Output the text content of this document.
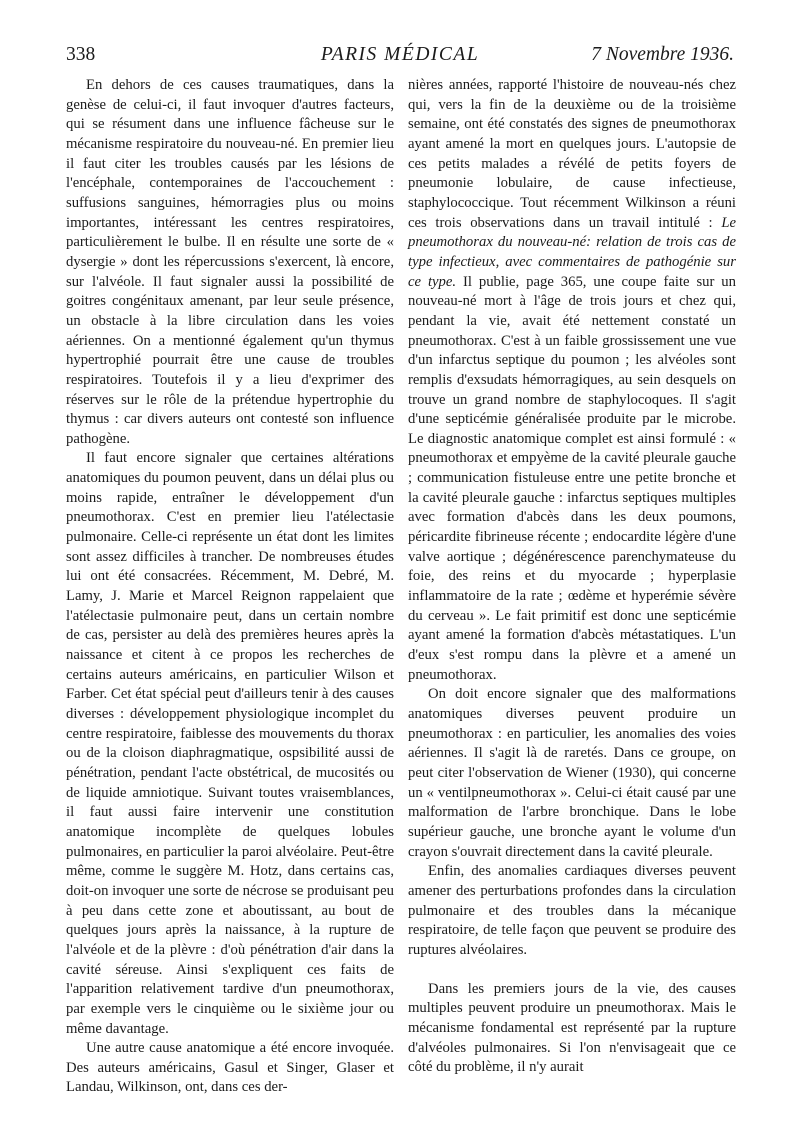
338	PARIS MÉDICAL	7 Novembre 1936.

En dehors de ces causes traumatiques, dans la genèse de celui-ci, il faut invoquer d'autres facteurs, qui se résument dans une influence fâcheuse sur le mécanisme respiratoire du nouveau-né. En premier lieu il faut citer les troubles causés par les lésions de l'encéphale, contemporaines de l'accouchement : suffusions sanguines, hémorragies plus ou moins importantes, intéressant les centres respiratoires, particulièrement le bulbe. Il en résulte une sorte de « dysergie » dont les répercussions s'exercent, là encore, sur l'alvéole. Il faut signaler aussi la possibilité de goitres congénitaux amenant, par leur seule présence, un obstacle à la libre circulation dans les voies aériennes. On a mentionné également qu'un thymus hypertrophié pourrait être une cause de troubles respiratoires. Toutefois il y a lieu d'exprimer des réserves sur le rôle de la prétendue hypertrophie du thymus : car divers auteurs ont contesté son influence pathogène.

Il faut encore signaler que certaines altérations anatomiques du poumon peuvent, dans un délai plus ou moins rapide, entraîner le développement d'un pneumothorax. C'est en premier lieu l'atélectasie pulmonaire. Celle-ci représente un état dont les limites sont assez difficiles à trancher. De nombreuses études lui ont été consacrées. Récemment, M. Debré, M. Lamy, J. Marie et Marcel Reignon rappelaient que l'atélectasie pulmonaire peut, dans un certain nombre de cas, persister au delà des premières heures après la naissance et citent à ce propos les recherches de certains auteurs américains, en particulier Wilson et Farber. Cet état spécial peut d'ailleurs tenir à des causes diverses : développement physiologique incomplet du centre respiratoire, faiblesse des mouvements du thorax ou de la cloison diaphragmatique, ospsibilité aussi de pénétration, pendant l'acte obstétrical, de mucosités ou de liquide amniotique. Suivant toutes vraisemblances, il faut aussi faire intervenir une constitution anatomique incomplète de quelques lobules pulmonaires, en particulier la paroi alvéolaire. Peut-être même, comme le suggère M. Hotz, dans certains cas, doit-on invoquer une sorte de nécrose se produisant peu à peu dans cette zone et aboutissant, au bout de quelques jours après la naissance, à la rupture de l'alvéole et de la plèvre : d'où pénétration d'air dans la cavité séreuse. Ainsi s'expliquent ces faits de l'apparition relativement tardive d'un pneumothorax, par exemple vers le cinquième ou le sixième jour ou même davantage.

Une autre cause anatomique a été encore invoquée. Des auteurs américains, Gasul et Singer, Glaser et Landau, Wilkinson, ont, dans ces der-

nières années, rapporté l'histoire de nouveau-nés chez qui, vers la fin de la deuxième ou de la troisième semaine, ont été constatés des signes de pneumothorax ayant amené la mort en quelques jours. L'autopsie de ces petits malades a révélé de petits foyers de pneumonie lobulaire, de cause infectieuse, staphylococcique. Tout récemment Wilkinson a réuni ces trois observations dans un travail intitulé : Le pneumothorax du nouveau-né: relation de trois cas de type infectieux, avec commentaires de pathogénie sur ce type. Il publie, page 365, une coupe faite sur un nouveau-né mort à l'âge de trois jours et chez qui, pendant la vie, avait été nettement constaté un pneumothorax. C'est à un faible grossissement une vue d'un infarctus septique du poumon ; les alvéoles sont remplis d'exsudats hémorragiques, au sein desquels on trouve un grand nombre de staphylocoques. Il s'agit d'une septicémie généralisée produite par le microbe. Le diagnostic anatomique complet est ainsi formulé : « pneumothorax et empyème de la cavité pleurale gauche ; communication fistuleuse entre une petite bronche et la cavité pleurale gauche : infarctus septiques multiples avec formation d'abcès dans les deux poumons, péricardite fibrineuse récente ; endocardite légère d'une valve aortique ; dégénérescence parenchymateuse du foie, des reins et du myocarde ; hyperplasie inflammatoire de la rate ; œdème et hyperémie sévère du cerveau ». Le fait primitif est donc une septicémie ayant amené la formation d'abcès métastatiques. L'un d'eux s'est rompu dans la plèvre et a amené un pneumothorax.

On doit encore signaler que des malformations anatomiques diverses peuvent produire un pneumothorax : en particulier, les anomalies des voies aériennes. Il s'agit là de raretés. Dans ce groupe, on peut citer l'observation de Wiener (1930), qui concerne un « ventilpneumothorax ». Celui-ci était causé par une malformation de l'arbre bronchique. Dans le lobe supérieur gauche, une bronche ayant le volume d'un crayon s'ouvrait directement dans la cavité pleurale.

Enfin, des anomalies cardiaques diverses peuvent amener des perturbations profondes dans la circulation pulmonaire et des troubles dans la mécanique respiratoire, de telle façon que peuvent se produire des ruptures alvéolaires.

Dans les premiers jours de la vie, des causes multiples peuvent produire un pneumothorax. Mais le mécanisme fondamental est représenté par la rupture d'alvéoles pulmonaires. Si l'on n'envisageait que ce côté du problème, il n'y aurait
